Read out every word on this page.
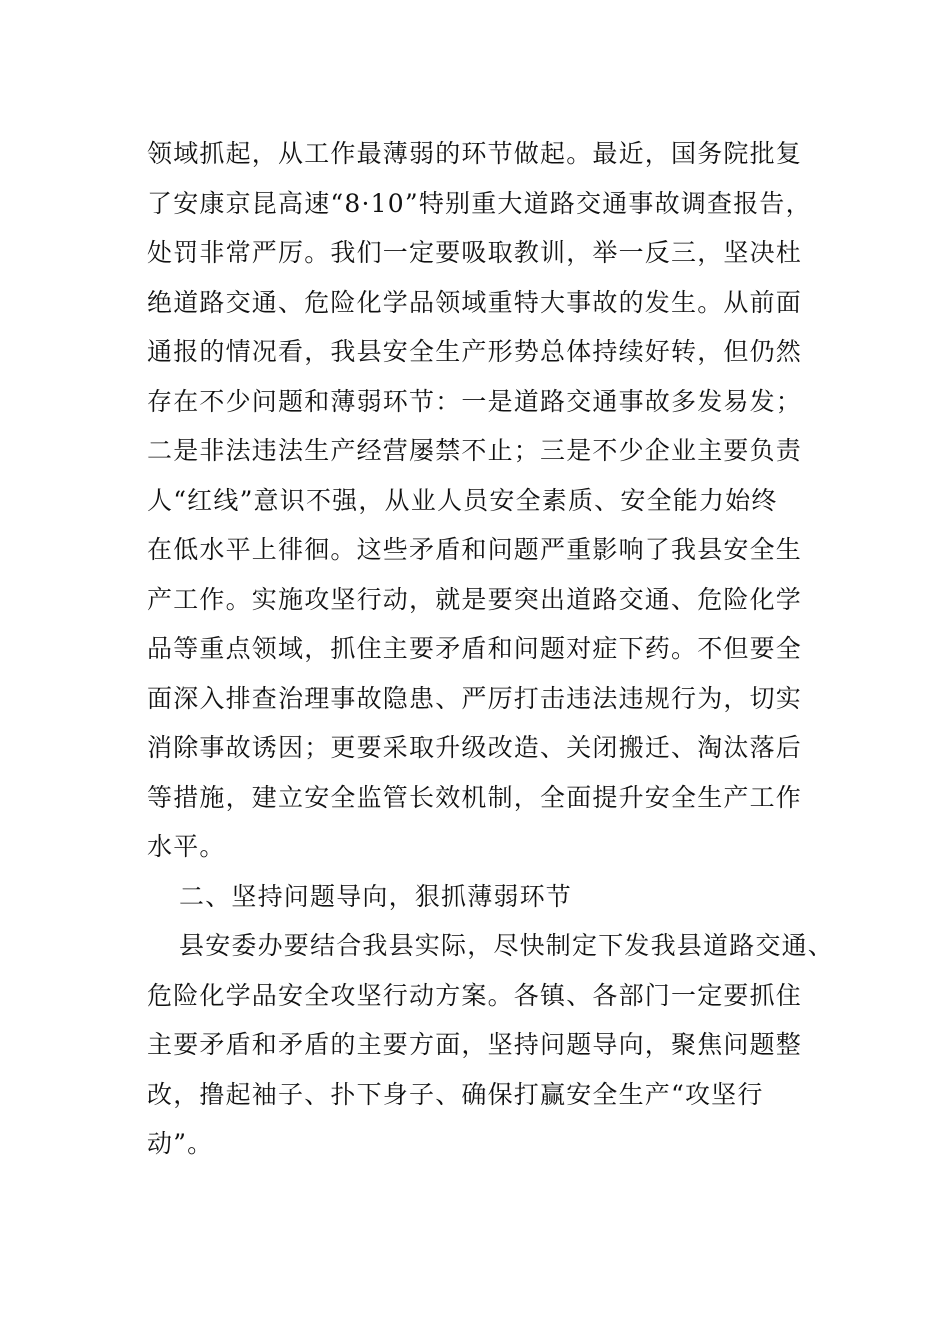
领域抓起，从工作最薄弱的环节做起。最近，国务院批复
了安康京昆高速“8·10”特别重大道路交通事故调查报告，
处罚非常严厉。我们一定要吸取教训，举一反三，坚决杜
绝道路交通、危险化学品领域重特大事故的发生。从前面
通报的情况看，我县安全生产形势总体持续好转，但仍然
存在不少问题和薄弱环节：一是道路交通事故多发易发；
二是非法违法生产经营屡禁不止；三是不少企业主要负责
人“红线”意识不强，从业人员安全素质、安全能力始终
在低水平上徘徊。这些矛盾和问题严重影响了我县安全生
产工作。实施攻坚行动，就是要突出道路交通、危险化学
品等重点领域，抓住主要矛盾和问题对症下药。不但要全
面深入排查治理事故隐患、严厉打击违法违规行为，切实
消除事故诱因；更要采取升级改造、关闭搬迁、淘汰落后
等措施，建立安全监管长效机制，全面提升安全生产工作
水平。
二、坚持问题导向，狠抓薄弱环节
县安委办要结合我县实际，尽快制定下发我县道路交通、
危险化学品安全攻坚行动方案。各镇、各部门一定要抓住
主要矛盾和矛盾的主要方面，坚持问题导向，聚焦问题整
改，撸起袖子、扑下身子、确保打赢安全生产“攻坚行
动”。
